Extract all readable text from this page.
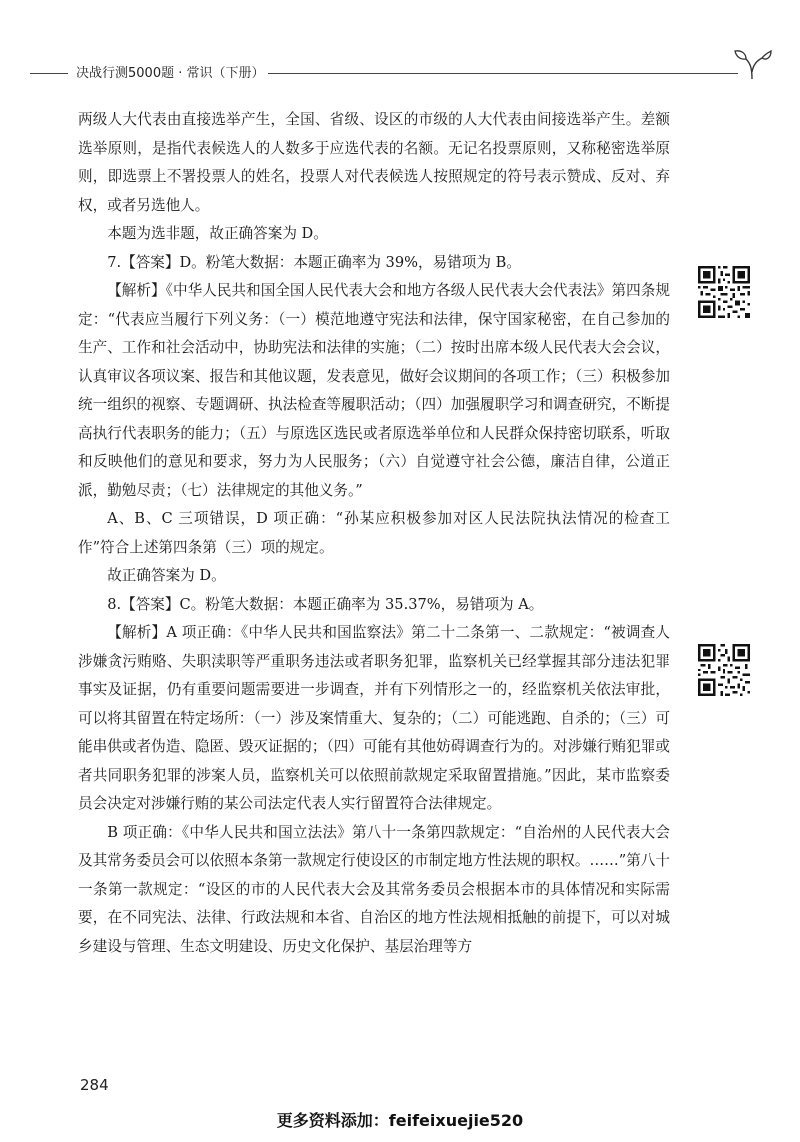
决战行测5000题 · 常识（下册）

两级人大代表由直接选举产生，全国、省级、设区的市级的人大代表由间接选举产生。差额选举原则，是指代表候选人的人数多于应选代表的名额。无记名投票原则，又称秘密选举原则，即选票上不署投票人的姓名，投票人对代表候选人按照规定的符号表示赞成、反对、弃权，或者另选他人。

本题为选非题，故正确答案为 D。

7.【答案】D。粉笔大数据：本题正确率为 39%，易错项为 B。

【解析】《中华人民共和国全国人民代表大会和地方各级人民代表大会代表法》第四条规定：“代表应当履行下列义务：（一）模范地遵守宪法和法律，保守国家秘密，在自己参加的生产、工作和社会活动中，协助宪法和法律的实施；（二）按时出席本级人民代表大会会议，认真审议各项议案、报告和其他议题，发表意见，做好会议期间的各项工作；（三）积极参加统一组织的视察、专题调研、执法检查等履职活动；（四）加强履职学习和调查研究，不断提高执行代表职务的能力；（五）与原选区选民或者原选举单位和人民群众保持密切联系，听取和反映他们的意见和要求，努力为人民服务；（六）自觉遵守社会公德，廉洁自律，公道正派，勤勉尽责；（七）法律规定的其他义务。”

A、B、C 三项错误，D 项正确：“孙某应积极参加对区人民法院执法情况的检查工作”符合上述第四条第（三）项的规定。

故正确答案为 D。

8.【答案】C。粉笔大数据：本题正确率为 35.37%，易错项为 A。

【解析】A 项正确：《中华人民共和国监察法》第二十二条第一、二款规定：“被调查人涉嫌贪污贿赂、失职渎职等严重职务违法或者职务犯罪，监察机关已经掌握其部分违法犯罪事实及证据，仍有重要问题需要进一步调查，并有下列情形之一的，经监察机关依法审批，可以将其留置在特定场所：（一）涉及案情重大、复杂的；（二）可能逃跑、自杀的；（三）可能串供或者伪造、隐匿、毁灭证据的；（四）可能有其他妨碍调查行为的。对涉嫌行贿犯罪或者共同职务犯罪的涉案人员，监察机关可以依照前款规定采取留置措施。”因此，某市监察委员会决定对涉嫌行贿的某公司法定代表人实行留置符合法律规定。

B 项正确：《中华人民共和国立法法》第八十一条第四款规定：“自治州的人民代表大会及其常务委员会可以依照本条第一款规定行使设区的市制定地方性法规的职权。……”第八十一条第一款规定：“设区的市的人民代表大会及其常务委员会根据本市的具体情况和实际需要，在不同宪法、法律、行政法规和本省、自治区的地方性法规相抵触的前提下，可以对城乡建设与管理、生态文明建设、历史文化保护、基层治理等方

284
更多资料添加：feifeixuejie520
